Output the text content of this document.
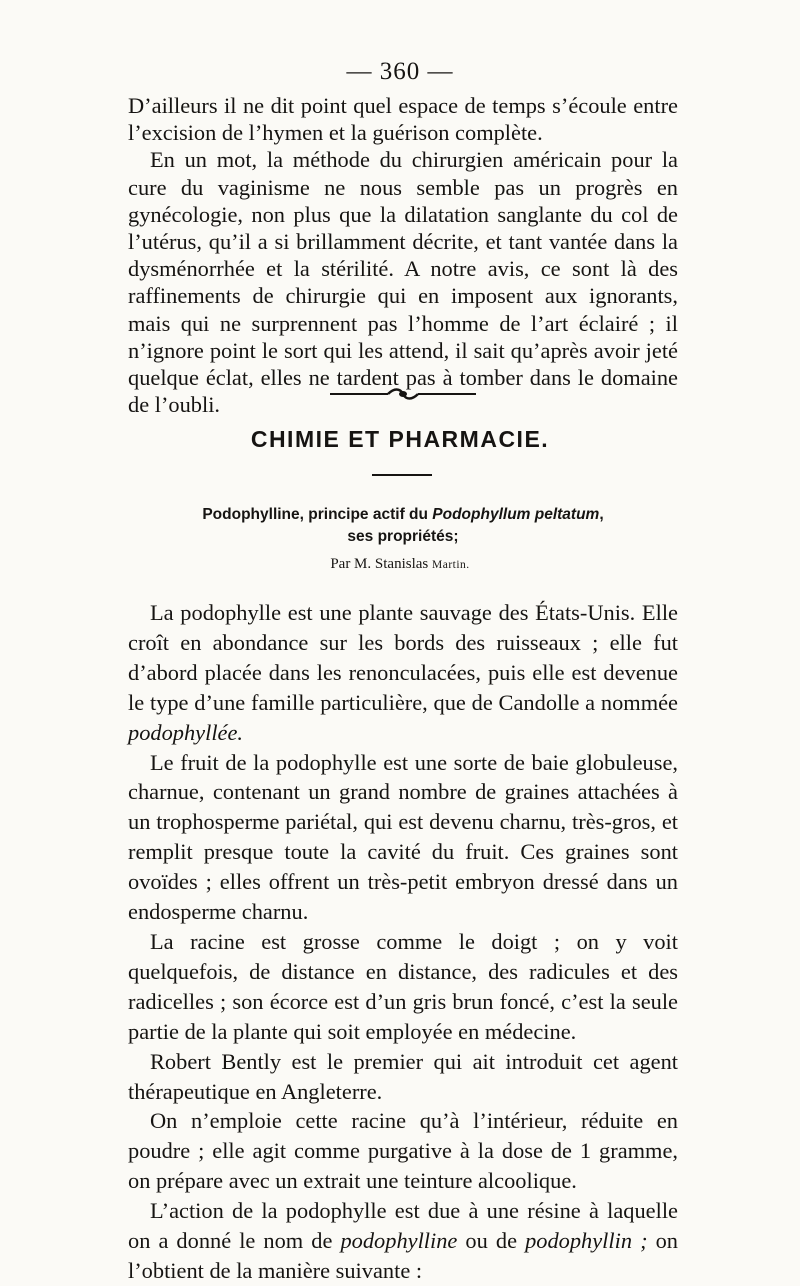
— 360 —

D’ailleurs il ne dit point quel espace de temps s’écoule entre l’excision de l’hymen et la guérison complète.

En un mot, la méthode du chirurgien américain pour la cure du vaginisme ne nous semble pas un progrès en gynécologie, non plus que la dilatation sanglante du col de l’utérus, qu’il a si brillamment décrite, et tant vantée dans la dysménorrhée et la stérilité. A notre avis, ce sont là des raffinements de chirurgie qui en imposent aux ignorants, mais qui ne surprennent pas l’homme de l’art éclairé ; il n’ignore point le sort qui les attend, il sait qu’après avoir jeté quelque éclat, elles ne tardent pas à tomber dans le domaine de l’oubli.

CHIMIE ET PHARMACIE.
Podophylline, principe actif du Podophyllum peltatum,
ses propriétés;
Par M. Stanislas Martin.

La podophylle est une plante sauvage des États-Unis. Elle croît en abondance sur les bords des ruisseaux ; elle fut d’abord placée dans les renonculacées, puis elle est devenue le type d’une famille particulière, que de Candolle a nommée podophyllée.

Le fruit de la podophylle est une sorte de baie globuleuse, charnue, contenant un grand nombre de graines attachées à un trophosperme pariétal, qui est devenu charnu, très-gros, et remplit presque toute la cavité du fruit. Ces graines sont ovoïdes ; elles offrent un très-petit embryon dressé dans un endosperme charnu.

La racine est grosse comme le doigt ; on y voit quelquefois, de distance en distance, des radicules et des radicelles ; son écorce est d’un gris brun foncé, c’est la seule partie de la plante qui soit employée en médecine.

Robert Bently est le premier qui ait introduit cet agent thérapeutique en Angleterre.

On n’emploie cette racine qu’à l’intérieur, réduite en poudre ; elle agit comme purgative à la dose de 1 gramme, on prépare avec un extrait une teinture alcoolique.

L’action de la podophylle est due à une résine à laquelle on a donné le nom de podophylline ou de podophyllin ; on l’obtient de la manière suivante :
